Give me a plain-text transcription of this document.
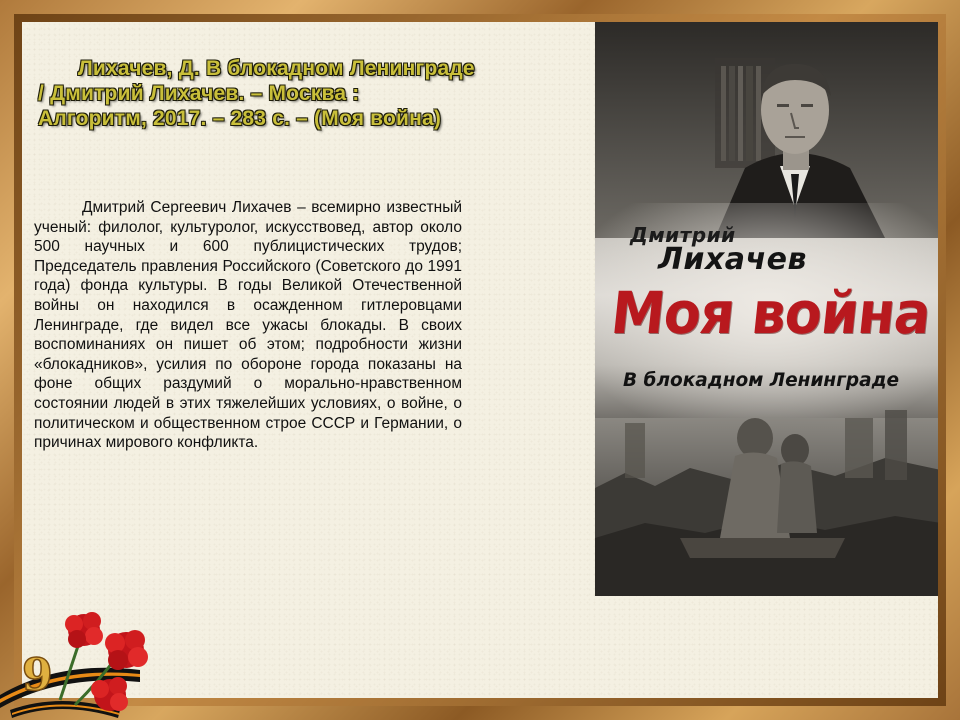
Лихачев, Д. В блокадном Ленинграде
/ Дмитрий Лихачев. – Москва :
Алгоритм, 2017. – 283 с. – (Моя война)

Дмитрий Сергеевич Лихачев – всемирно известный ученый: филолог, культуролог, искусствовед, автор около 500 научных и 600 публицистических трудов; Председатель правления Российского (Советского до 1991 года) фонда культуры. В годы Великой Отечественной войны он находился в осажденном гитлеровцами Ленинграде, где видел все ужасы блокады. В своих воспоминаниях он пишет об этом; подробности жизни «блокадников», усилия по обороне города показаны на фоне общих раздумий о морально-нравственном состоянии людей в этих тяжелейших условиях, о войне, о политическом и общественном строе СССР и Германии, о причинах мирового конфликта.

Дмитрий
Лихачев
Моя война
В блокадном Ленинграде
9
